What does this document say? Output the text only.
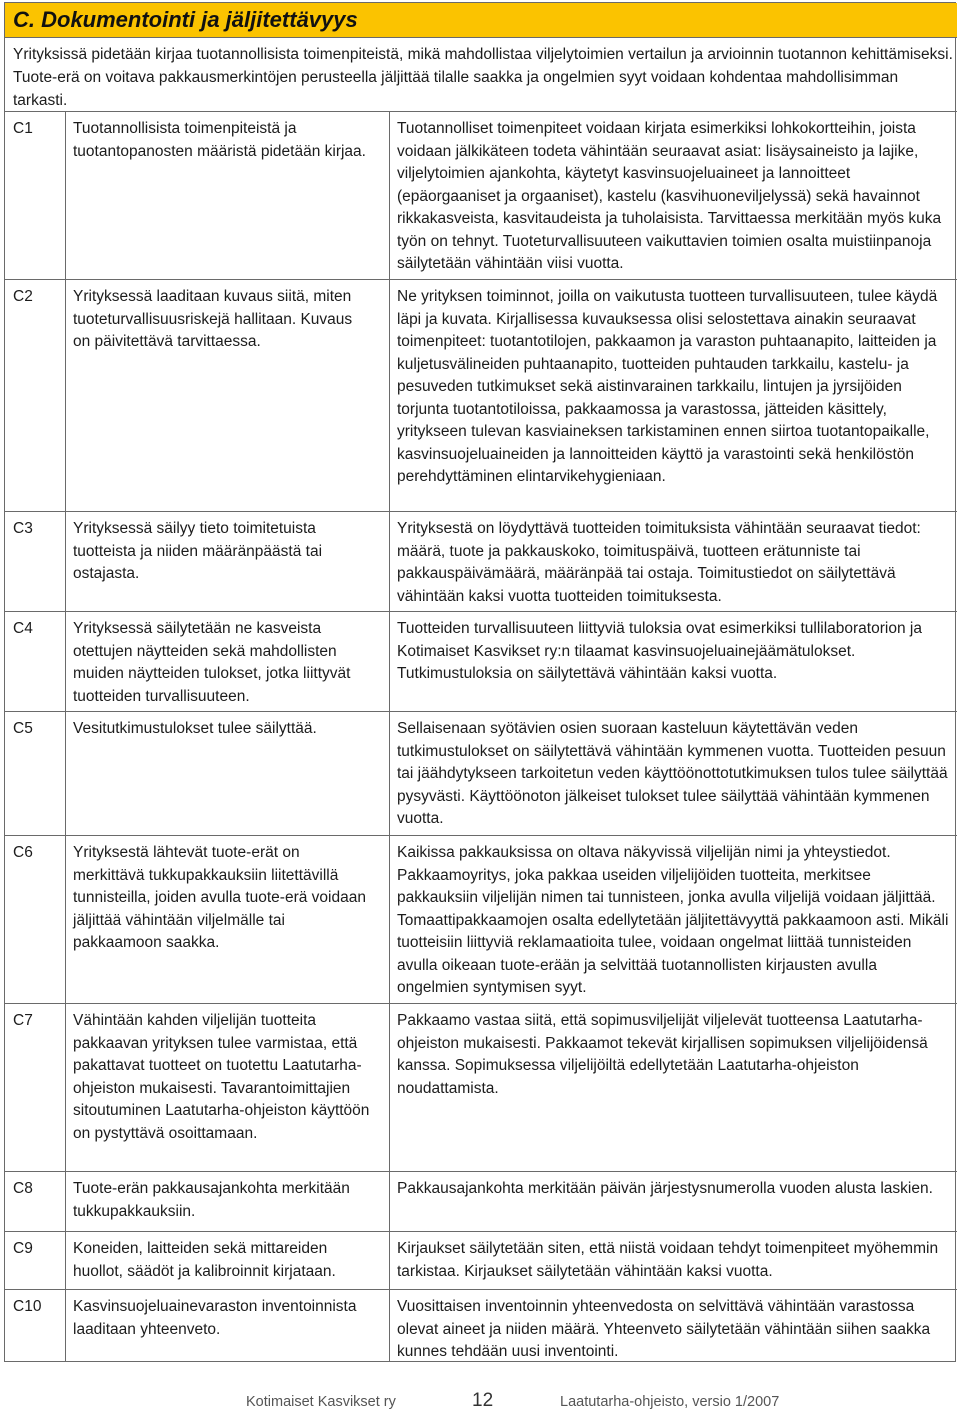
C. Dokumentointi ja jäljitettävyys

Yrityksissä pidetään kirjaa tuotannollisista toimenpiteistä, mikä mahdollistaa viljelytoimien vertailun ja arvioinnin tuotannon kehittämiseksi. Tuote-erä on voitava pakkausmerkintöjen perusteella jäljittää tilalle saakka ja ongelmien syyt voidaan kohdentaa mahdollisimman tarkasti.

C1	Tuotannollisista toimenpiteistä ja tuotantopanosten määristä pidetään kirjaa.
Tuotannolliset toimenpiteet voidaan kirjata esimerkiksi lohkokortteihin, joista voidaan jälkikäteen todeta vähintään seuraavat asiat: lisäysaineisto ja lajike, viljelytoimien ajankohta, käytetyt kasvinsuojeluaineet ja lannoitteet (epäorgaaniset ja orgaaniset), kastelu (kasvihuoneviljelyssä) sekä havainnot rikkakasveista, kasvitaudeista ja tuholaisista. Tarvittaessa merkitään myös kuka työn on tehnyt. Tuoteturvallisuuteen vaikuttavien toimien osalta muistiinpanoja säilytetään vähintään viisi vuotta.
C2	Yrityksessä laaditaan kuvaus siitä, miten tuoteturvallisuusriskejä hallitaan. Kuvaus on päivitettävä tarvittaessa.
Ne yrityksen toiminnot, joilla on vaikutusta tuotteen turvallisuuteen, tulee käydä läpi ja kuvata. Kirjallisessa kuvauksessa olisi selostettava ainakin seuraavat toimenpiteet: tuotantotilojen, pakkaamon ja varaston puhtaanapito, laitteiden ja kuljetusvälineiden puhtaanapito, tuotteiden puhtauden tarkkailu, kastelu- ja pesuveden tutkimukset sekä aistinvarainen tarkkailu, lintujen ja jyrsijöiden torjunta tuotantotiloissa, pakkaamossa ja varastossa, jätteiden käsittely, yritykseen tulevan kasviaineksen tarkistaminen ennen siirtoa tuotantopaikalle, kasvinsuojeluaineiden ja lannoitteiden käyttö ja varastointi sekä henkilöstön perehdyttäminen elintarvikehygieniaan.
C3	Yrityksessä säilyy tieto toimitetuista tuotteista ja niiden määränpäästä tai ostajasta.
Yrityksestä on löydyttävä tuotteiden toimituksista vähintään seuraavat tiedot: määrä, tuote ja pakkauskoko, toimituspäivä, tuotteen erätunniste tai pakkauspäivämäärä, määränpää tai ostaja. Toimitustiedot on säilytettävä vähintään kaksi vuotta tuotteiden toimituksesta.
C4	Yrityksessä säilytetään ne kasveista otettujen näytteiden sekä mahdollisten muiden näytteiden tulokset, jotka liittyvät tuotteiden turvallisuuteen.
Tuotteiden turvallisuuteen liittyviä tuloksia ovat esimerkiksi tullilaboratorion ja Kotimaiset Kasvikset ry:n tilaamat kasvinsuojeluainejäämätulokset. Tutkimustuloksia on säilytettävä vähintään kaksi vuotta.
C5	Vesitutkimustulokset tulee säilyttää.	Sellaisenaan syötävien osien suoraan kasteluun käytettävän veden tutkimustulokset on säilytettävä vähintään kymmenen vuotta. Tuotteiden pesuun tai jäähdytykseen tarkoitetun veden käyttöönottotutkimuksen tulos tulee säilyttää pysyvästi. Käyttöönoton jälkeiset tulokset tulee säilyttää vähintään kymmenen vuotta.
C6	Yrityksestä lähtevät tuote-erät on merkittävä tukkupakkauksiin liitettävillä tunnisteilla, joiden avulla tuote-erä voidaan jäljittää vähintään viljelmälle tai pakkaamoon saakka.
Kaikissa pakkauksissa on oltava näkyvissä viljelijän nimi ja yhteystiedot. Pakkaamoyritys, joka pakkaa useiden viljelijöiden tuotteita, merkitsee pakkauksiin viljelijän nimen tai tunnisteen, jonka avulla viljelijä voidaan jäljittää. Tomaattipakkaamojen osalta edellytetään jäljitettävyyttä pakkaamoon asti. Mikäli tuotteisiin liittyviä reklamaatioita tulee, voidaan ongelmat liittää tunnisteiden avulla oikeaan tuote-erään ja selvittää tuotannollisten kirjausten avulla ongelmien syntymisen syyt.
C7	Vähintään kahden viljelijän tuotteita pakkaavan yrityksen tulee varmistaa, että pakattavat tuotteet on tuotettu Laatutarha-ohjeiston mukaisesti. Tavarantoimittajien sitoutuminen Laatutarha-ohjeiston käyttöön on pystyttävä osoittamaan.
Pakkaamo vastaa siitä, että sopimusviljelijät viljelevät tuotteensa Laatutarha-ohjeiston mukaisesti. Pakkaamot tekevät kirjallisen sopimuksen viljelijöidensä kanssa. Sopimuksessa viljelijöiltä edellytetään Laatutarha-ohjeiston noudattamista.
C8	Tuote-erän pakkausajankohta merkitään tukkupakkauksiin.
Pakkausajankohta merkitään päivän järjestysnumerolla vuoden alusta laskien.
C9	Koneiden, laitteiden sekä mittareiden huollot, säädöt ja kalibroinnit kirjataan.
Kirjaukset säilytetään siten, että niistä voidaan tehdyt toimenpiteet myöhemmin tarkistaa. Kirjaukset säilytetään vähintään kaksi vuotta.
C10 Kasvinsuojeluainevaraston inventoinnista laaditaan yhteenveto.
Vuosittaisen inventoinnin yhteenvedosta on selvittävä vähintään varastossa olevat aineet ja niiden määrä. Yhteenveto säilytetään vähintään siihen saakka kunnes tehdään uusi inventointi.
Kotimaiset Kasvikset ry	12	Laatutarha-ohjeisto, versio 1/2007
